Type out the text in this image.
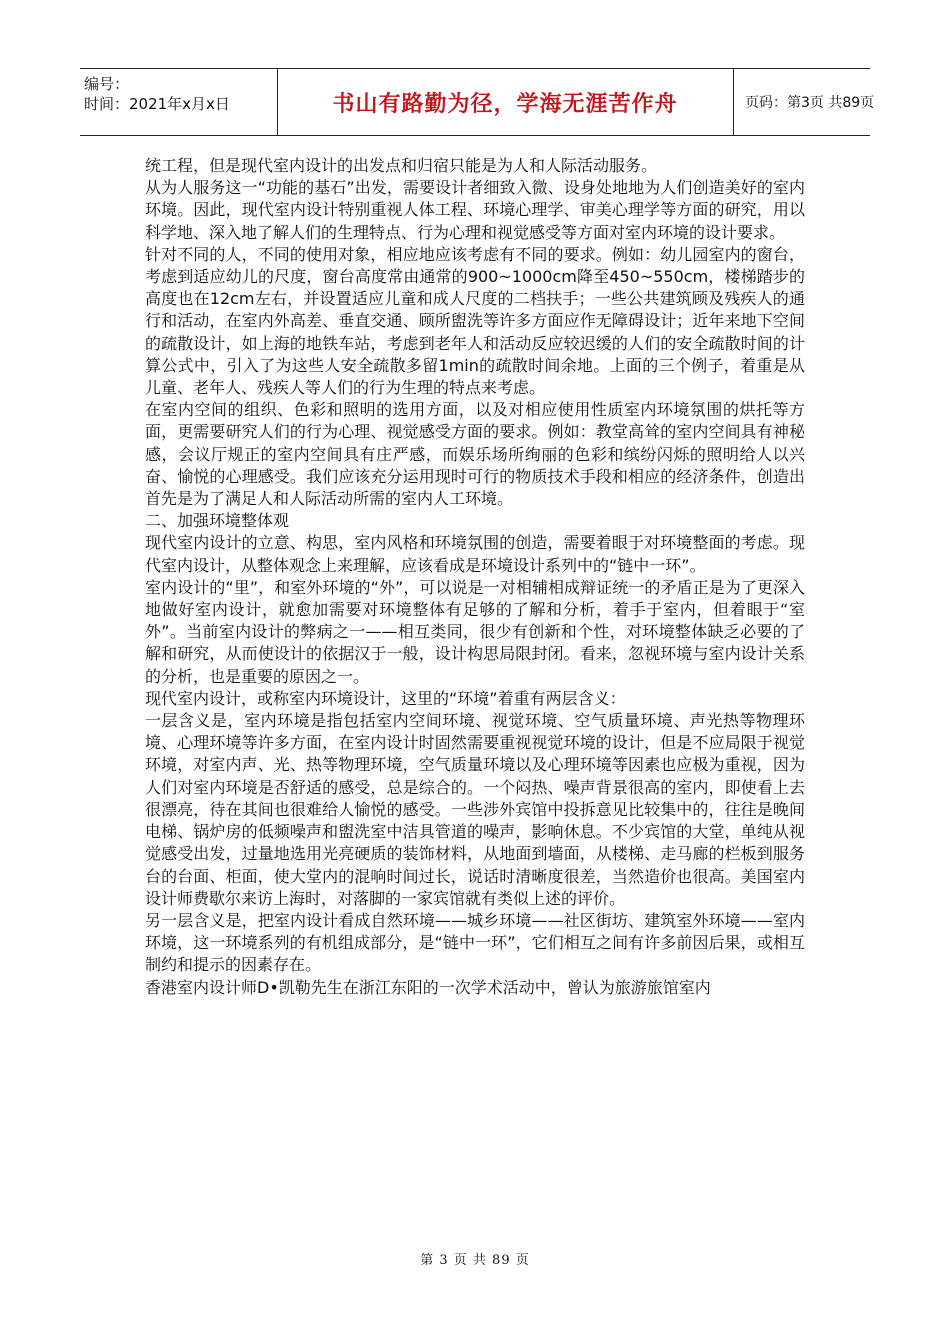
编号：
时间：2021年x月x日	书山有路勤为径，学海无涯苦作舟	页码：第3页 共89页

统工程，但是现代室内设计的出发点和归宿只能是为人和人际活动服务。

从为人服务这一“功能的基石”出发，需要设计者细致入微、设身处地地为人们创造美好的室内环境。因此，现代室内设计特别重视人体工程、环境心理学、审美心理学等方面的研究，用以科学地、深入地了解人们的生理特点、行为心理和视觉感受等方面对室内环境的设计要求。

针对不同的人，不同的使用对象，相应地应该考虑有不同的要求。例如：幼儿园室内的窗台，考虑到适应幼儿的尺度，窗台高度常由通常的900~1000cm降至450~550cm，楼梯踏步的高度也在12cm左右，并设置适应儿童和成人尺度的二档扶手；一些公共建筑顾及残疾人的通行和活动，在室内外高差、垂直交通、顾所盥洗等许多方面应作无障碍设计；近年来地下空间的疏散设计，如上海的地铁车站，考虑到老年人和活动反应较迟缓的人们的安全疏散时间的计算公式中，引入了为这些人安全疏散多留1min的疏散时间余地。上面的三个例子，着重是从儿童、老年人、残疾人等人们的行为生理的特点来考虑。

在室内空间的组织、色彩和照明的选用方面，以及对相应使用性质室内环境氛围的烘托等方面，更需要研究人们的行为心理、视觉感受方面的要求。例如：教堂高耸的室内空间具有神秘感，会议厅规正的室内空间具有庄严感，而娱乐场所绚丽的色彩和缤纷闪烁的照明给人以兴奋、愉悦的心理感受。我们应该充分运用现时可行的物质技术手段和相应的经济条件，创造出首先是为了满足人和人际活动所需的室内人工环境。

二、加强环境整体观

现代室内设计的立意、构思，室内风格和环境氛围的创造，需要着眼于对环境整面的考虑。现代室内设计，从整体观念上来理解，应该看成是环境设计系列中的“链中一环”。

室内设计的“里”，和室外环境的“外”，可以说是一对相辅相成辩证统一的矛盾正是为了更深入地做好室内设计，就愈加需要对环境整体有足够的了解和分析，着手于室内，但着眼于“室外”。当前室内设计的弊病之一——相互类同，很少有创新和个性，对环境整体缺乏必要的了解和研究，从而使设计的依据汉于一般，设计构思局限封闭。看来，忽视环境与室内设计关系的分析，也是重要的原因之一。

现代室内设计，或称室内环境设计，这里的“环境”着重有两层含义：

一层含义是，室内环境是指包括室内空间环境、视觉环境、空气质量环境、声光热等物理环境、心理环境等许多方面，在室内设计时固然需要重视视觉环境的设计，但是不应局限于视觉环境，对室内声、光、热等物理环境，空气质量环境以及心理环境等因素也应极为重视，因为人们对室内环境是否舒适的感受，总是综合的。一个闷热、噪声背景很高的室内，即使看上去很漂亮，待在其间也很难给人愉悦的感受。一些涉外宾馆中投拆意见比较集中的，往往是晚间电梯、锅炉房的低频噪声和盥洗室中洁具管道的噪声，影响休息。不少宾馆的大堂，单纯从视觉感受出发，过量地选用光亮硬质的装饰材料，从地面到墙面，从楼梯、走马廊的栏板到服务台的台面、柜面，使大堂内的混响时间过长，说话时清晰度很差，当然造价也很高。美国室内设计师费歇尔来访上海时，对落脚的一家宾馆就有类似上述的评价。

另一层含义是，把室内设计看成自然环境——城乡环境——社区街坊、建筑室外环境——室内环境，这一环境系列的有机组成部分，是“链中一环”，它们相互之间有许多前因后果，或相互制约和提示的因素存在。

香港室内设计师D•凯勒先生在浙江东阳的一次学术活动中，曾认为旅游旅馆室内

第 3 页 共 89 页
